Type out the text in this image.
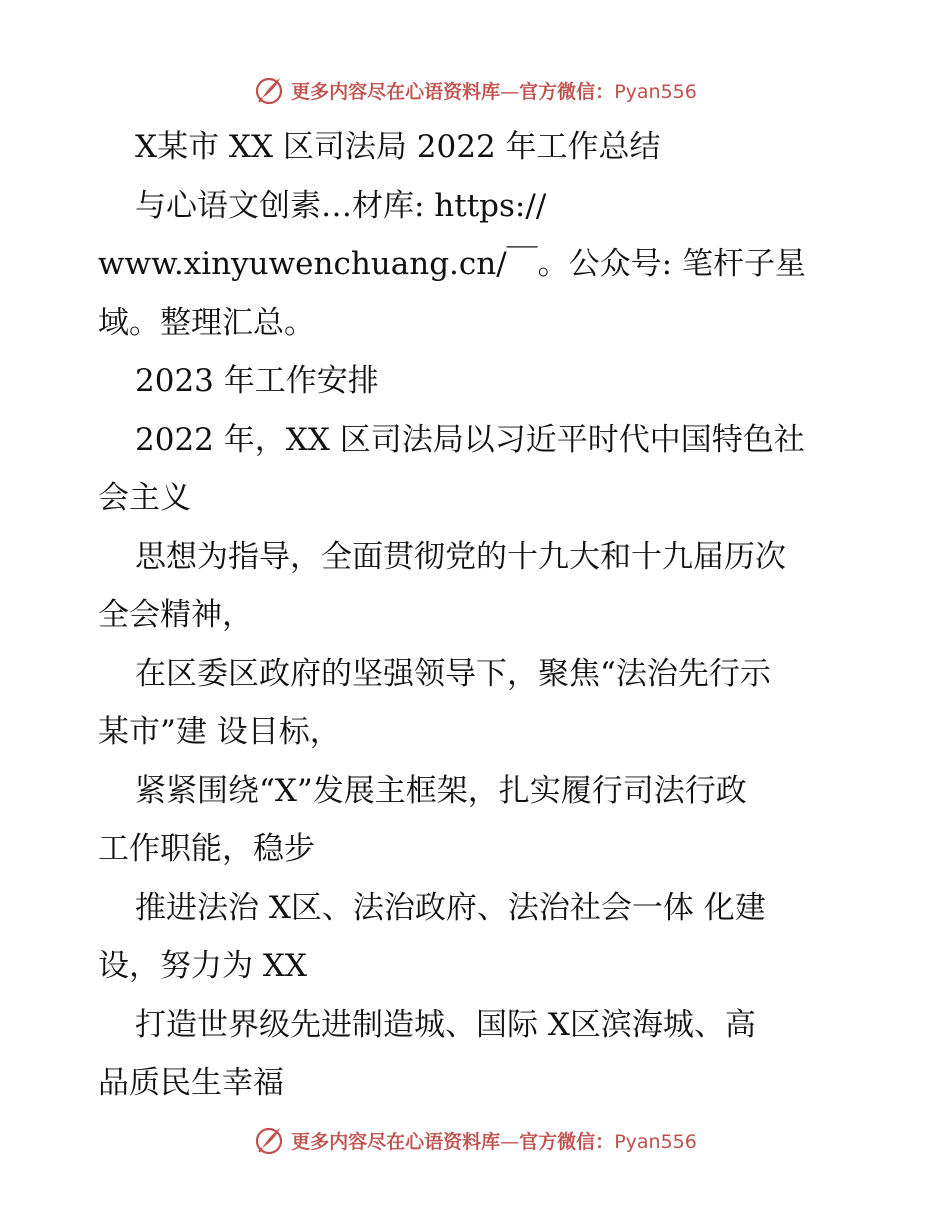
更多内容尽在心语资料库—官方微信：Pyan556
X某市 XX 区司法局 2022 年工作总结
与心语文创素…材库: https://
www.xinyuwenchuang.cn/￣。公众号: 笔杆子星
域。整理汇总。
2023 年工作安排
2022 年，XX 区司法局以习近平时代中国特色社
会主义
思想为指导，全面贯彻党的十九大和十九届历次
全会精神，
在区委区政府的坚强领导下，聚焦“法治先行示
某市”建 设目标，
紧紧围绕“X”发展主框架，扎实履行司法行政
工作职能，稳步
推进法治 X区、法治政府、法治社会一体 化建
设，努力为 XX
打造世界级先进制造城、国际 X区滨海城、高
品质民生幸福
更多内容尽在心语资料库—官方微信：Pyan556
